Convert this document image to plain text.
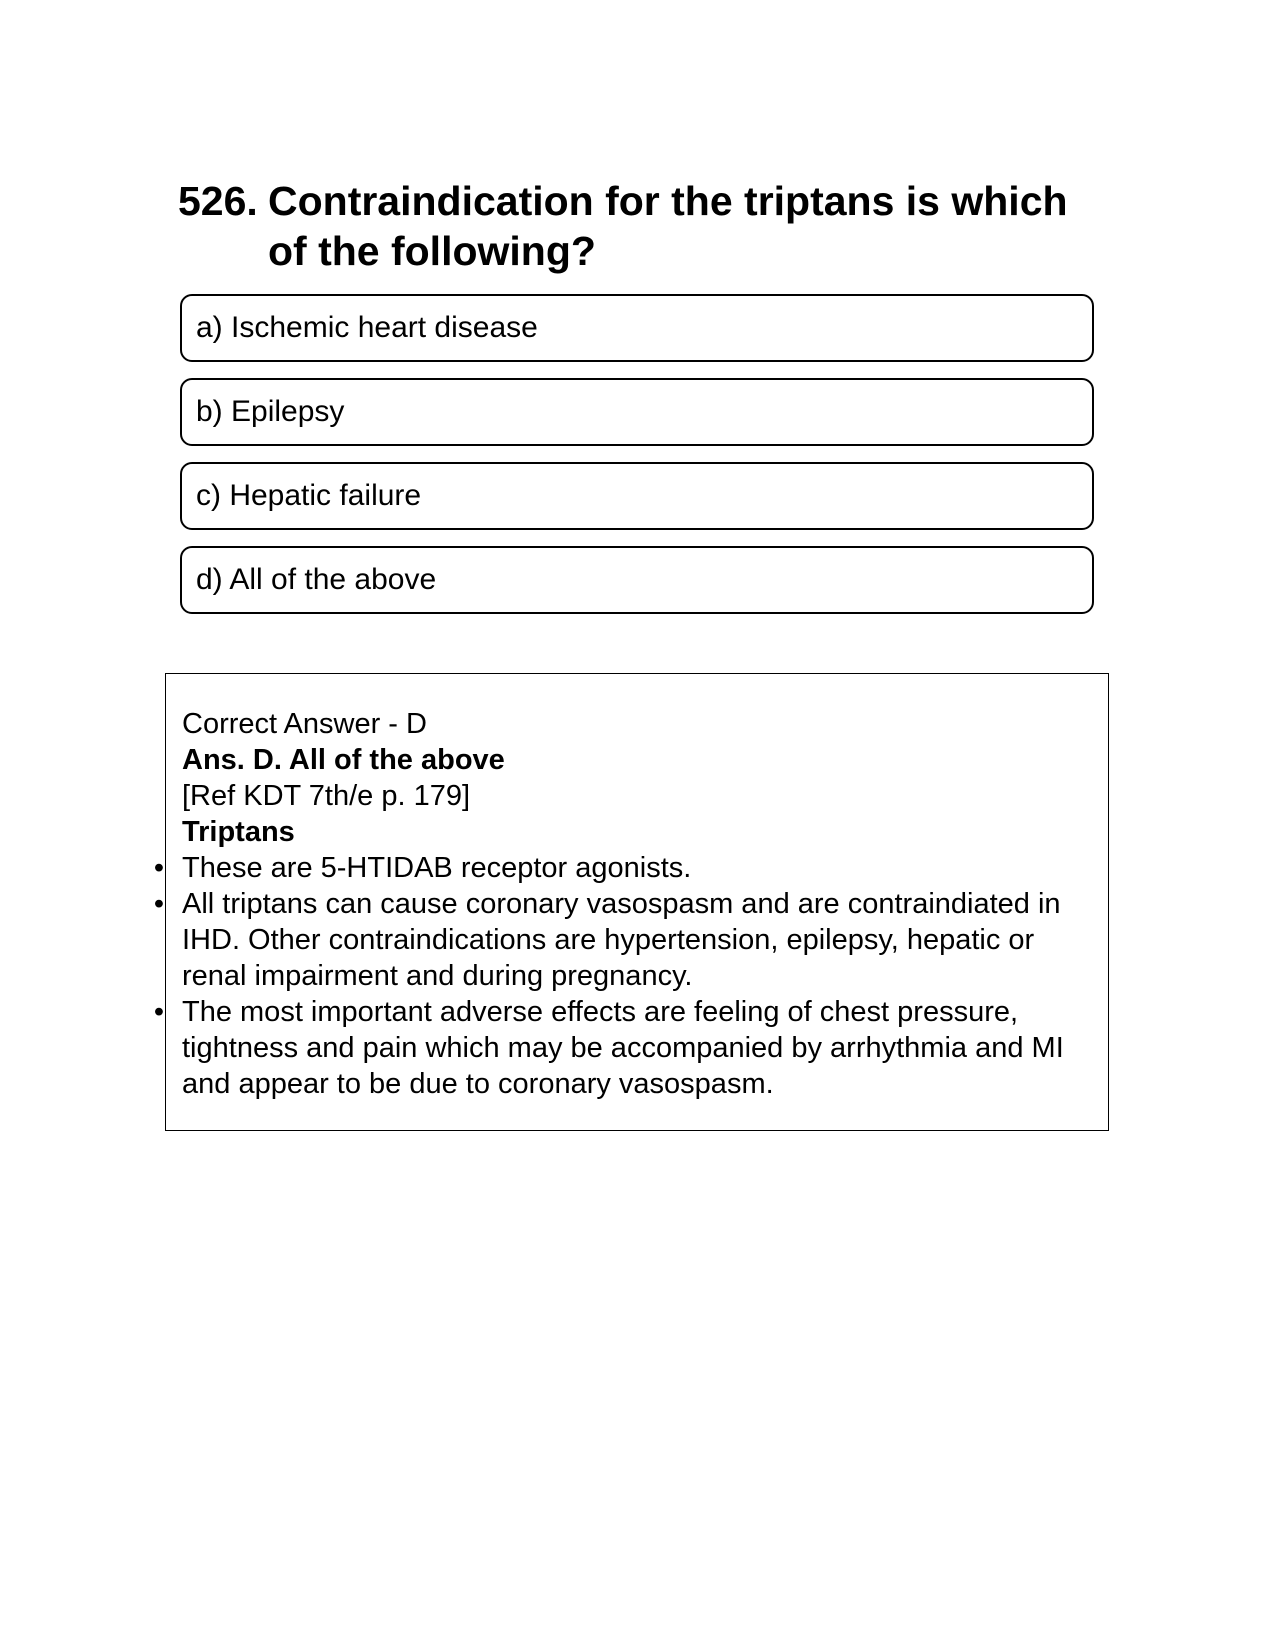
526. Contraindication for the triptans is which of the following?
a) Ischemic heart disease
b) Epilepsy
c) Hepatic failure
d) All of the above
Correct Answer - D
Ans. D. All of the above
[Ref KDT 7th/e p. 179]
Triptans
• These are 5-HTIDAB receptor agonists.
• All triptans can cause coronary vasospasm and are contraindiated in IHD. Other contraindications are hypertension, epilepsy, hepatic or renal impairment and during pregnancy.
• The most important adverse effects are feeling of chest pressure, tightness and pain which may be accompanied by arrhythmia and MI and appear to be due to coronary vasospasm.
